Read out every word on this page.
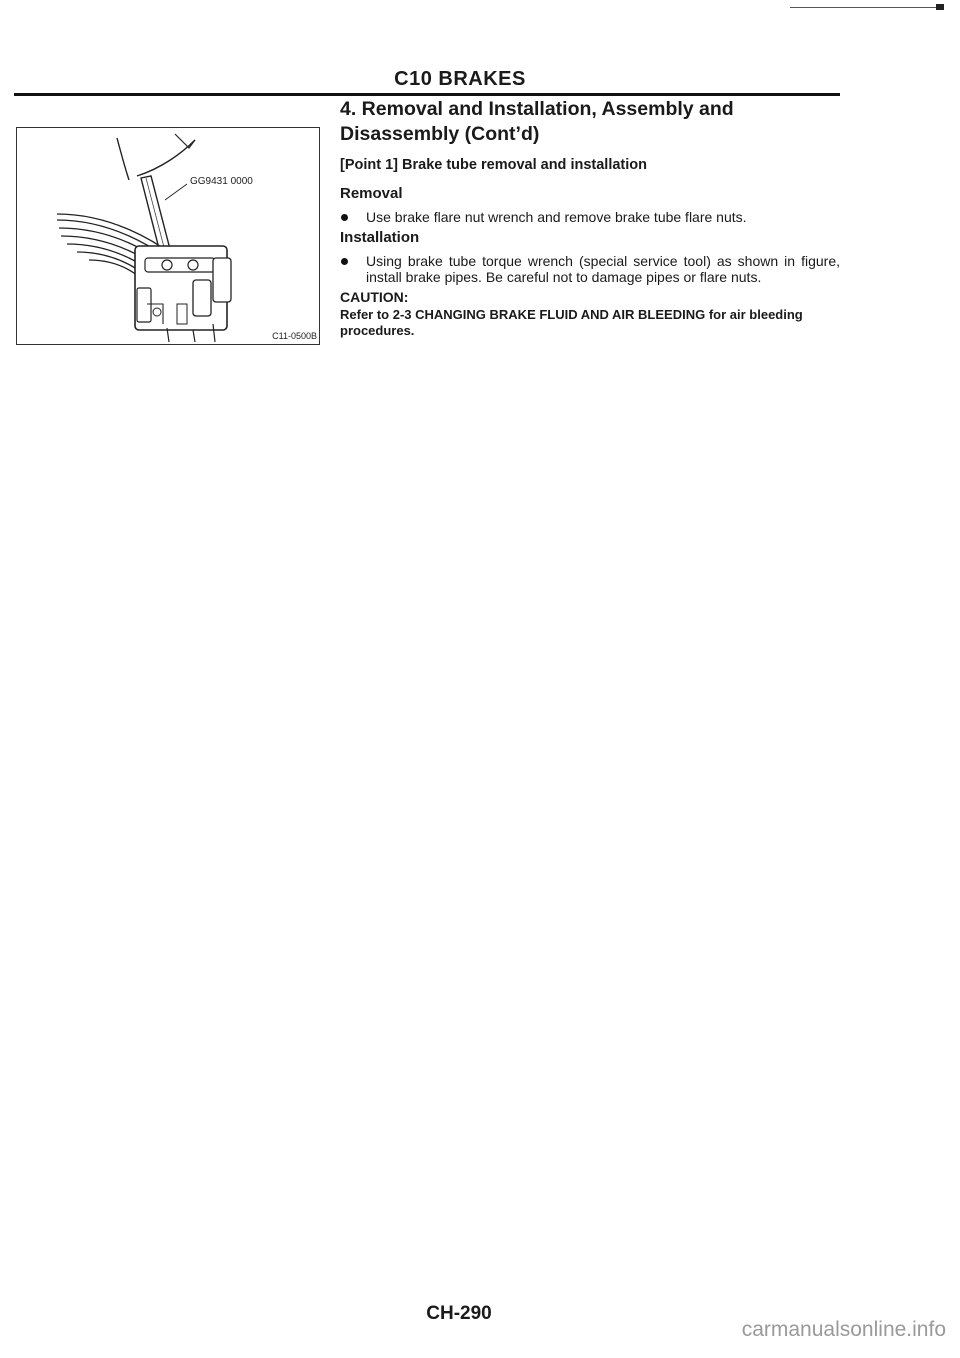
C10 BRAKES
GG9431 0000
C11-0500B
4. Removal and Installation, Assembly and Disassembly (Cont’d)
[Point 1] Brake tube removal and installation
Removal
Use brake flare nut wrench and remove brake tube flare nuts.
Installation
Using brake tube torque wrench (special service tool) as shown in figure, install brake pipes. Be careful not to damage pipes or flare nuts.
CAUTION:
Refer to 2-3 CHANGING BRAKE FLUID AND AIR BLEEDING for air bleeding procedures.
CH-290
carmanualsonline.info
